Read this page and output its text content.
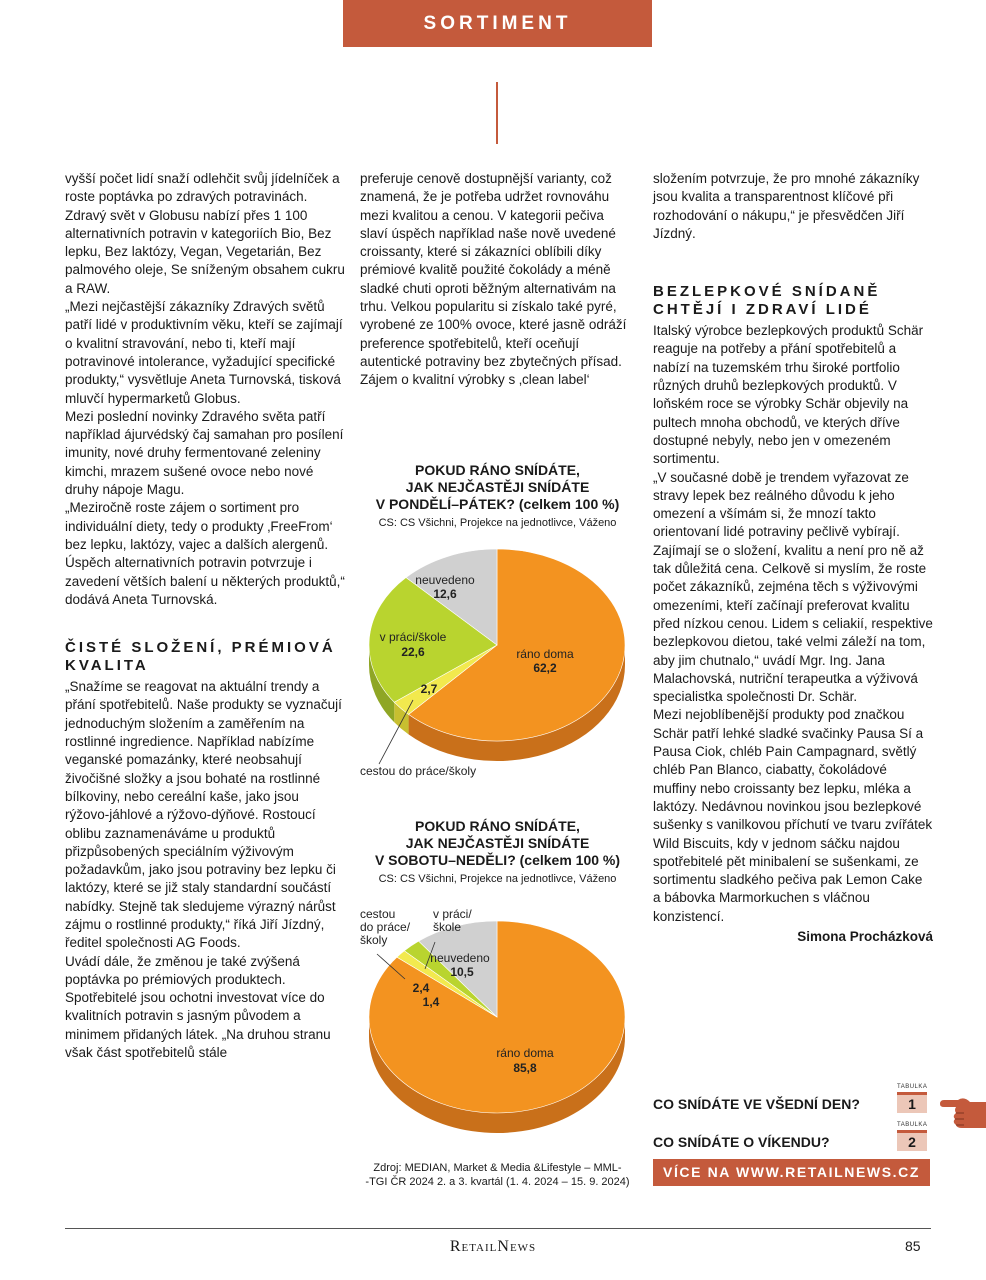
SORTIMENT

vyšší počet lidí snaží odlehčit svůj jídelníček a roste poptávka po zdravých potravinách. Zdravý svět v Globusu nabízí přes 1 100 alternativních potravin v kategoriích Bio, Bez lepku, Bez laktózy, Vegan, Vegetarián, Bez palmového oleje, Se sníženým obsahem cukru a RAW.

„Mezi nejčastější zákazníky Zdravých světů patří lidé v produktivním věku, kteří se zajímají o kvalitní stravování, nebo ti, kteří mají potravinové intolerance, vyžadující specifické produkty,“ vysvětluje Aneta Turnovská, tisková mluvčí hypermarketů Globus.

Mezi poslední novinky Zdravého světa patří například ájurvédský čaj samahan pro posílení imunity, nové druhy fermentované zeleniny kimchi, mrazem sušené ovoce nebo nové druhy nápoje Magu.

„Meziročně roste zájem o sortiment pro individuální diety, tedy o produkty ‚FreeFrom‘ bez lepku, laktózy, vajec a dalších alergenů. Úspěch alternativních potravin potvrzuje i zavedení větších balení u některých produktů,“ dodává Aneta Turnovská.

ČISTÉ SLOŽENÍ, PRÉMIOVÁ KVALITA

„Snažíme se reagovat na aktuální trendy a přání spotřebitelů. Naše produkty se vyznačují jednoduchým složením a zaměřením na rostlinné ingredience. Například nabízíme veganské pomazánky, které neobsahují živočišné složky a jsou bohaté na rostlinné bílkoviny, nebo cereální kaše, jako jsou rýžovo-jáhlové a rýžovo-dýňové. Rostoucí oblibu zaznamenáváme u produktů přizpůsobených speciálním výživovým požadavkům, jako jsou potraviny bez lepku či laktózy, které se již staly standardní součástí nabídky. Stejně tak sledujeme výrazný nárůst zájmu o rostlinné produkty,“ říká Jiří Jízdný, ředitel společnosti AG Foods.

Uvádí dále, že změnou je také zvýšená poptávka po prémiových produktech. Spotřebitelé jsou ochotni investovat více do kvalitních potravin s jasným původem a minimem přidaných látek. „Na druhou stranu však část spotřebitelů stále

preferuje cenově dostupnější varianty, což znamená, že je potřeba udržet rovnováhu mezi kvalitou a cenou. V kategorii pečiva slaví úspěch například naše nově uvedené croissanty, které si zákazníci oblíbili díky prémiové kvalitě použité čokolády a méně sladké chuti oproti běžným alternativám na trhu. Velkou popularitu si získalo také pyré, vyrobené ze 100% ovoce, které jasně odráží preference spotřebitelů, kteří oceňují autentické potraviny bez zbytečných přísad. Zájem o kvalitní výrobky s ‚clean label‘

POKUD RÁNO SNÍDÁTE,
JAK NEJČASTĚJI SNÍDÁTE
V PONDĚLÍ–PÁTEK? (celkem 100 %)
CS: CS Všichni, Projekce na jednotlivce, Váženo
ráno doma
62,2
neuvedeno
12,6
v práci/škole
22,6
2,7
cestou do práce/školy
POKUD RÁNO SNÍDÁTE,
JAK NEJČASTĚJI SNÍDÁTE
V SOBOTU–NEDĚLI? (celkem 100 %)
CS: CS Všichni, Projekce na jednotlivce, Váženo
ráno doma
85,8
neuvedeno
10,5
v práci/
škole
cestou
do práce/
školy
2,4
1,4
Zdroj: MEDIAN, Market & Media &Lifestyle – MML-
-TGI ČR 2024 2. a 3. kvartál (1. 4. 2024 – 15. 9. 2024)

složením potvrzuje, že pro mnohé zákazníky jsou kvalita a transparentnost klíčové při rozhodování o nákupu,“ je přesvědčen Jiří Jízdný.

BEZLEPKOVÉ SNÍDANĚ CHTĚJÍ I ZDRAVÍ LIDÉ

Italský výrobce bezlepkových produktů Schär reaguje na potřeby a přání spotřebitelů a nabízí na tuzemském trhu široké portfolio různých druhů bezlepkových produktů. V loňském roce se výrobky Schär objevily na pultech mnoha obchodů, ve kterých dříve dostupné nebyly, nebo jen v omezeném sortimentu.

„V současné době je trendem vyřazovat ze stravy lepek bez reálného důvodu k jeho omezení a všímám si, že mnozí takto orientovaní lidé potraviny pečlivě vybírají. Zajímají se o složení, kvalitu a není pro ně až tak důležitá cena. Celkově si myslím, že roste počet zákazníků, zejména těch s výživovými omezeními, kteří začínají preferovat kvalitu před nízkou cenou. Lidem s celiakií, respektive bezlepkovou dietou, také velmi záleží na tom, aby jim chutnalo,“ uvádí Mgr. Ing. Jana Malachovská, nutriční terapeutka a výživová specialistka společnosti Dr. Schär.

Mezi nejoblíbenější produkty pod značkou Schär patří lehké sladké svačinky Pausa Sí a Pausa Ciok, chléb Pain Campagnard, světlý chléb Pan Blanco, ciabatty, čokoládové muffiny nebo croissanty bez lepku, mléka a laktózy. Nedávnou novinkou jsou bezlepkové sušenky s vanilkovou příchutí ve tvaru zvířátek Wild Biscuits, kdy v jednom sáčku najdou spotřebitelé pět minibalení se sušenkami, ze sortimentu sladkého pečiva pak Lemon Cake a bábovka Marmorkuchen s vláčnou konzistencí.

Simona Procházková
CO SNÍDÁTE VE VŠEDNÍ DEN?
TABULKA
1
CO SNÍDÁTE O VÍKENDU?
TABULKA
2
VÍCE NA WWW.RETAILNEWS.CZ
RetailNews	85
